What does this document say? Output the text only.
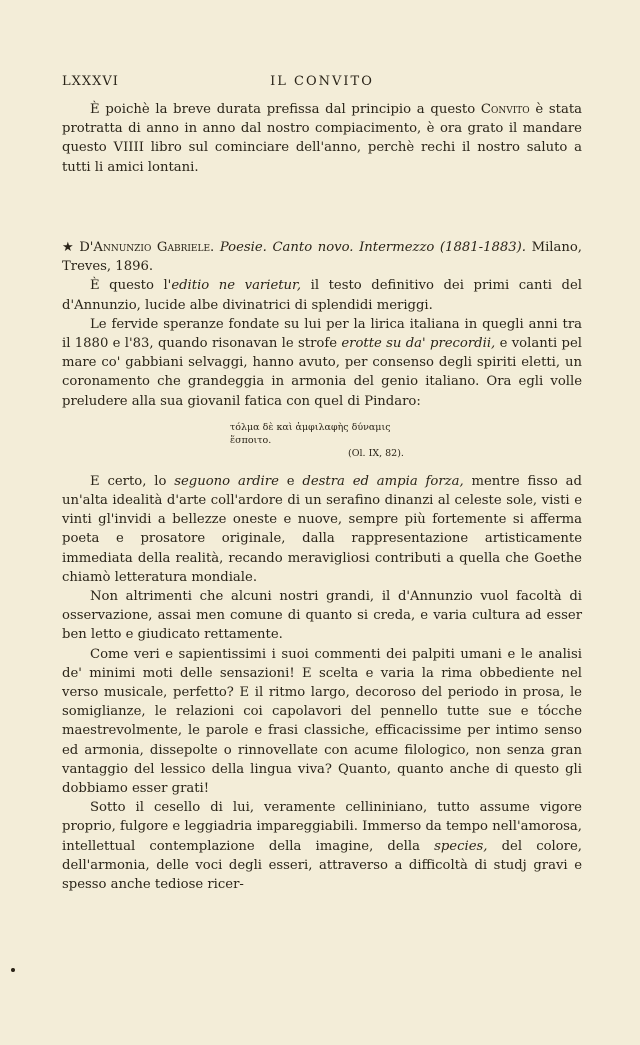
LXXXVI	IL CONVITO

È poichè la breve durata prefissa dal principio a questo Convito è stata protratta di anno in anno dal nostro compiacimento, è ora grato il mandare questo VIIII libro sul cominciare dell'anno, perchè rechi il nostro saluto a tutti li amici lontani.

★ D'Annunzio Gabriele. Poesie. Canto novo. Intermezzo (1881-1883). Milano, Treves, 1896.

È questo l'editio ne varietur, il testo definitivo dei primi canti del d'Annunzio, lucide albe divinatrici di splendidi meriggi.

Le fervide speranze fondate su lui per la lirica italiana in quegli anni tra il 1880 e l'83, quando risonavan le strofe erotte su da' precordii, e volanti pel mare co' gabbiani selvaggi, hanno avuto, per consenso degli spiriti eletti, un coronamento che grandeggia in armonia del genio italiano. Ora egli volle preludere alla sua giovanil fatica con quel di Pindaro:

τόλμα δὲ καὶ ἀμφιλαφὴς δύναμις
ἕσποιτο.
(Ol. IX, 82).

E certo, lo seguono ardire e destra ed ampia forza, mentre fisso ad un'alta idealità d'arte coll'ardore di un serafino dinanzi al celeste sole, visti e vinti gl'invidi a bellezze oneste e nuove, sempre più fortemente si afferma poeta e prosatore originale, dalla rappresentazione artisticamente immediata della realità, recando meravigliosi contributi a quella che Goethe chiamò letteratura mondiale.

Non altrimenti che alcuni nostri grandi, il d'Annunzio vuol facoltà di osservazione, assai men comune di quanto si creda, e varia cultura ad esser ben letto e giudicato rettamente.

Come veri e sapientissimi i suoi commenti dei palpiti umani e le analisi de' minimi moti delle sensazioni! E scelta e varia la rima obbediente nel verso musicale, perfetto? E il ritmo largo, decoroso del periodo in prosa, le somiglianze, le relazioni coi capolavori del pennello tutte sue e tócche maestrevolmente, le parole e frasi classiche, efficacissime per intimo senso ed armonia, dissepolte o rinnovellate con acume filologico, non senza gran vantaggio del lessico della lingua viva? Quanto, quanto anche di questo gli dobbiamo esser grati!

Sotto il cesello di lui, veramente cellininiano, tutto assume vigore proprio, fulgore e leggiadria impareggiabili. Immerso da tempo nell'amorosa, intellettual contemplazione della imagine, della species, del colore, dell'armonia, delle voci degli esseri, attraverso a difficoltà di studj gravi e spesso anche tediose ricer-
